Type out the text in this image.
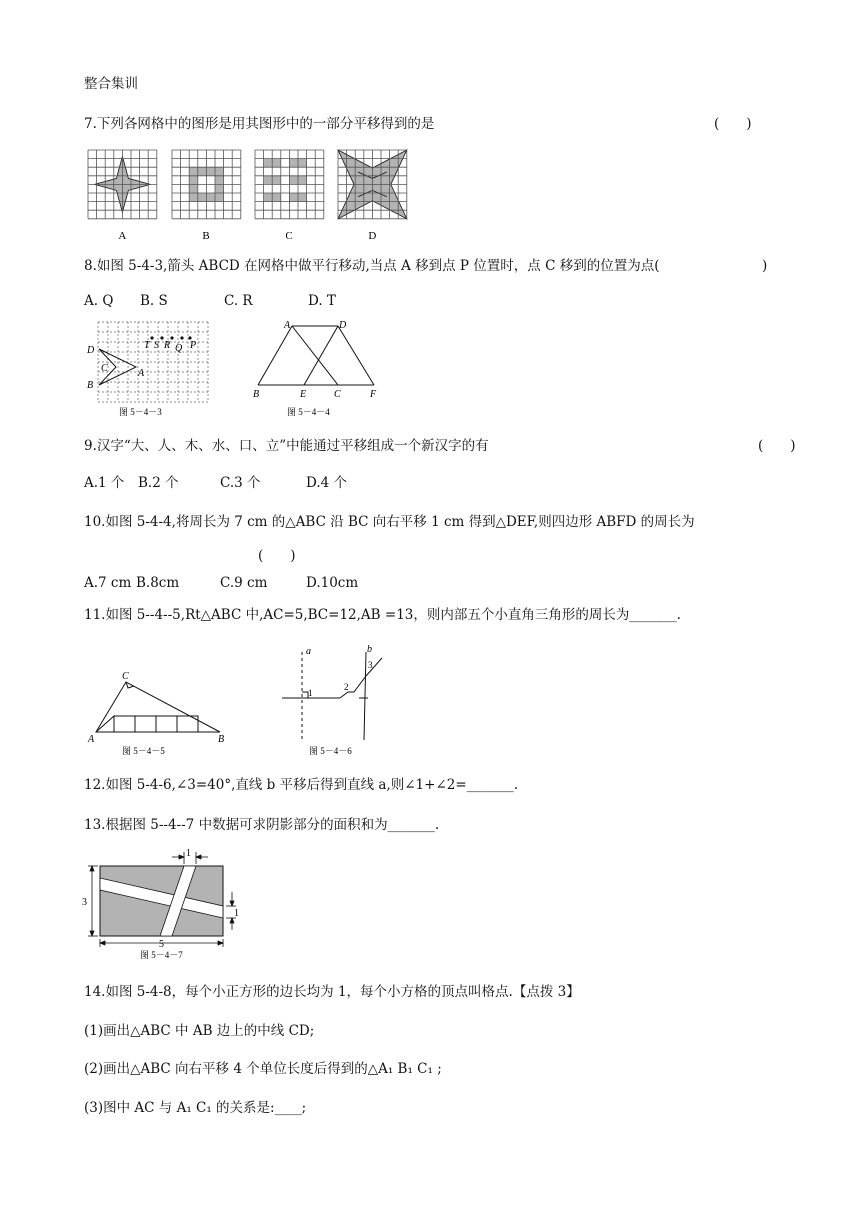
整合集训
7.下列各网格中的图形是用其图形中的一部分平移得到的是	(　　)
A	B	C	D
8.如图 5-4-3,箭头 ABCD 在网格中做平行移动,当点 A 移到点 P 位置时，点 C 移到的位置为点(	)
A. Q B. S	C. R	D. T
D
C	A
B
T S R Q P
图 5－4－3
A	D
B	E	C	F
图 5－4－4
9.汉字“大、人、木、水、口、立”中能通过平移组成一个新汉字的有	(　　)
A.1 个 B.2 个	C.3 个	D.4 个
10.如图 5-4-4,将周长为 7 cm 的△ABC 沿 BC 向右平移 1 cm 得到△DEF,则四边形 ABFD 的周长为
(　　)
A.7 cm B.8cm	C.9 cm	D.10cm
11.如图 5--4--5,Rt△ABC 中,AC=5,BC=12,AB =13，则内部五个小直角三角形的周长为_______.
C
A	B
图 5－4－5
a	b
1
2
3
图 5－4－6
12.如图 5-4-6,∠3=40°,直线 b 平移后得到直线 a,则∠1+∠2=_______.
13.根据图 5--4--7 中数据可求阴影部分的面积和为_______.
1
3
1
5
图 5－4－7
14.如图 5-4-8，每个小正方形的边长均为 1，每个小方格的顶点叫格点.【点拨 3】
(1)画出△ABC 中 AB 边上的中线 CD;
(2)画出△ABC 向右平移 4 个单位长度后得到的△A₁ B₁ C₁ ;
(3)图中 AC 与 A₁ C₁ 的关系是:____;
